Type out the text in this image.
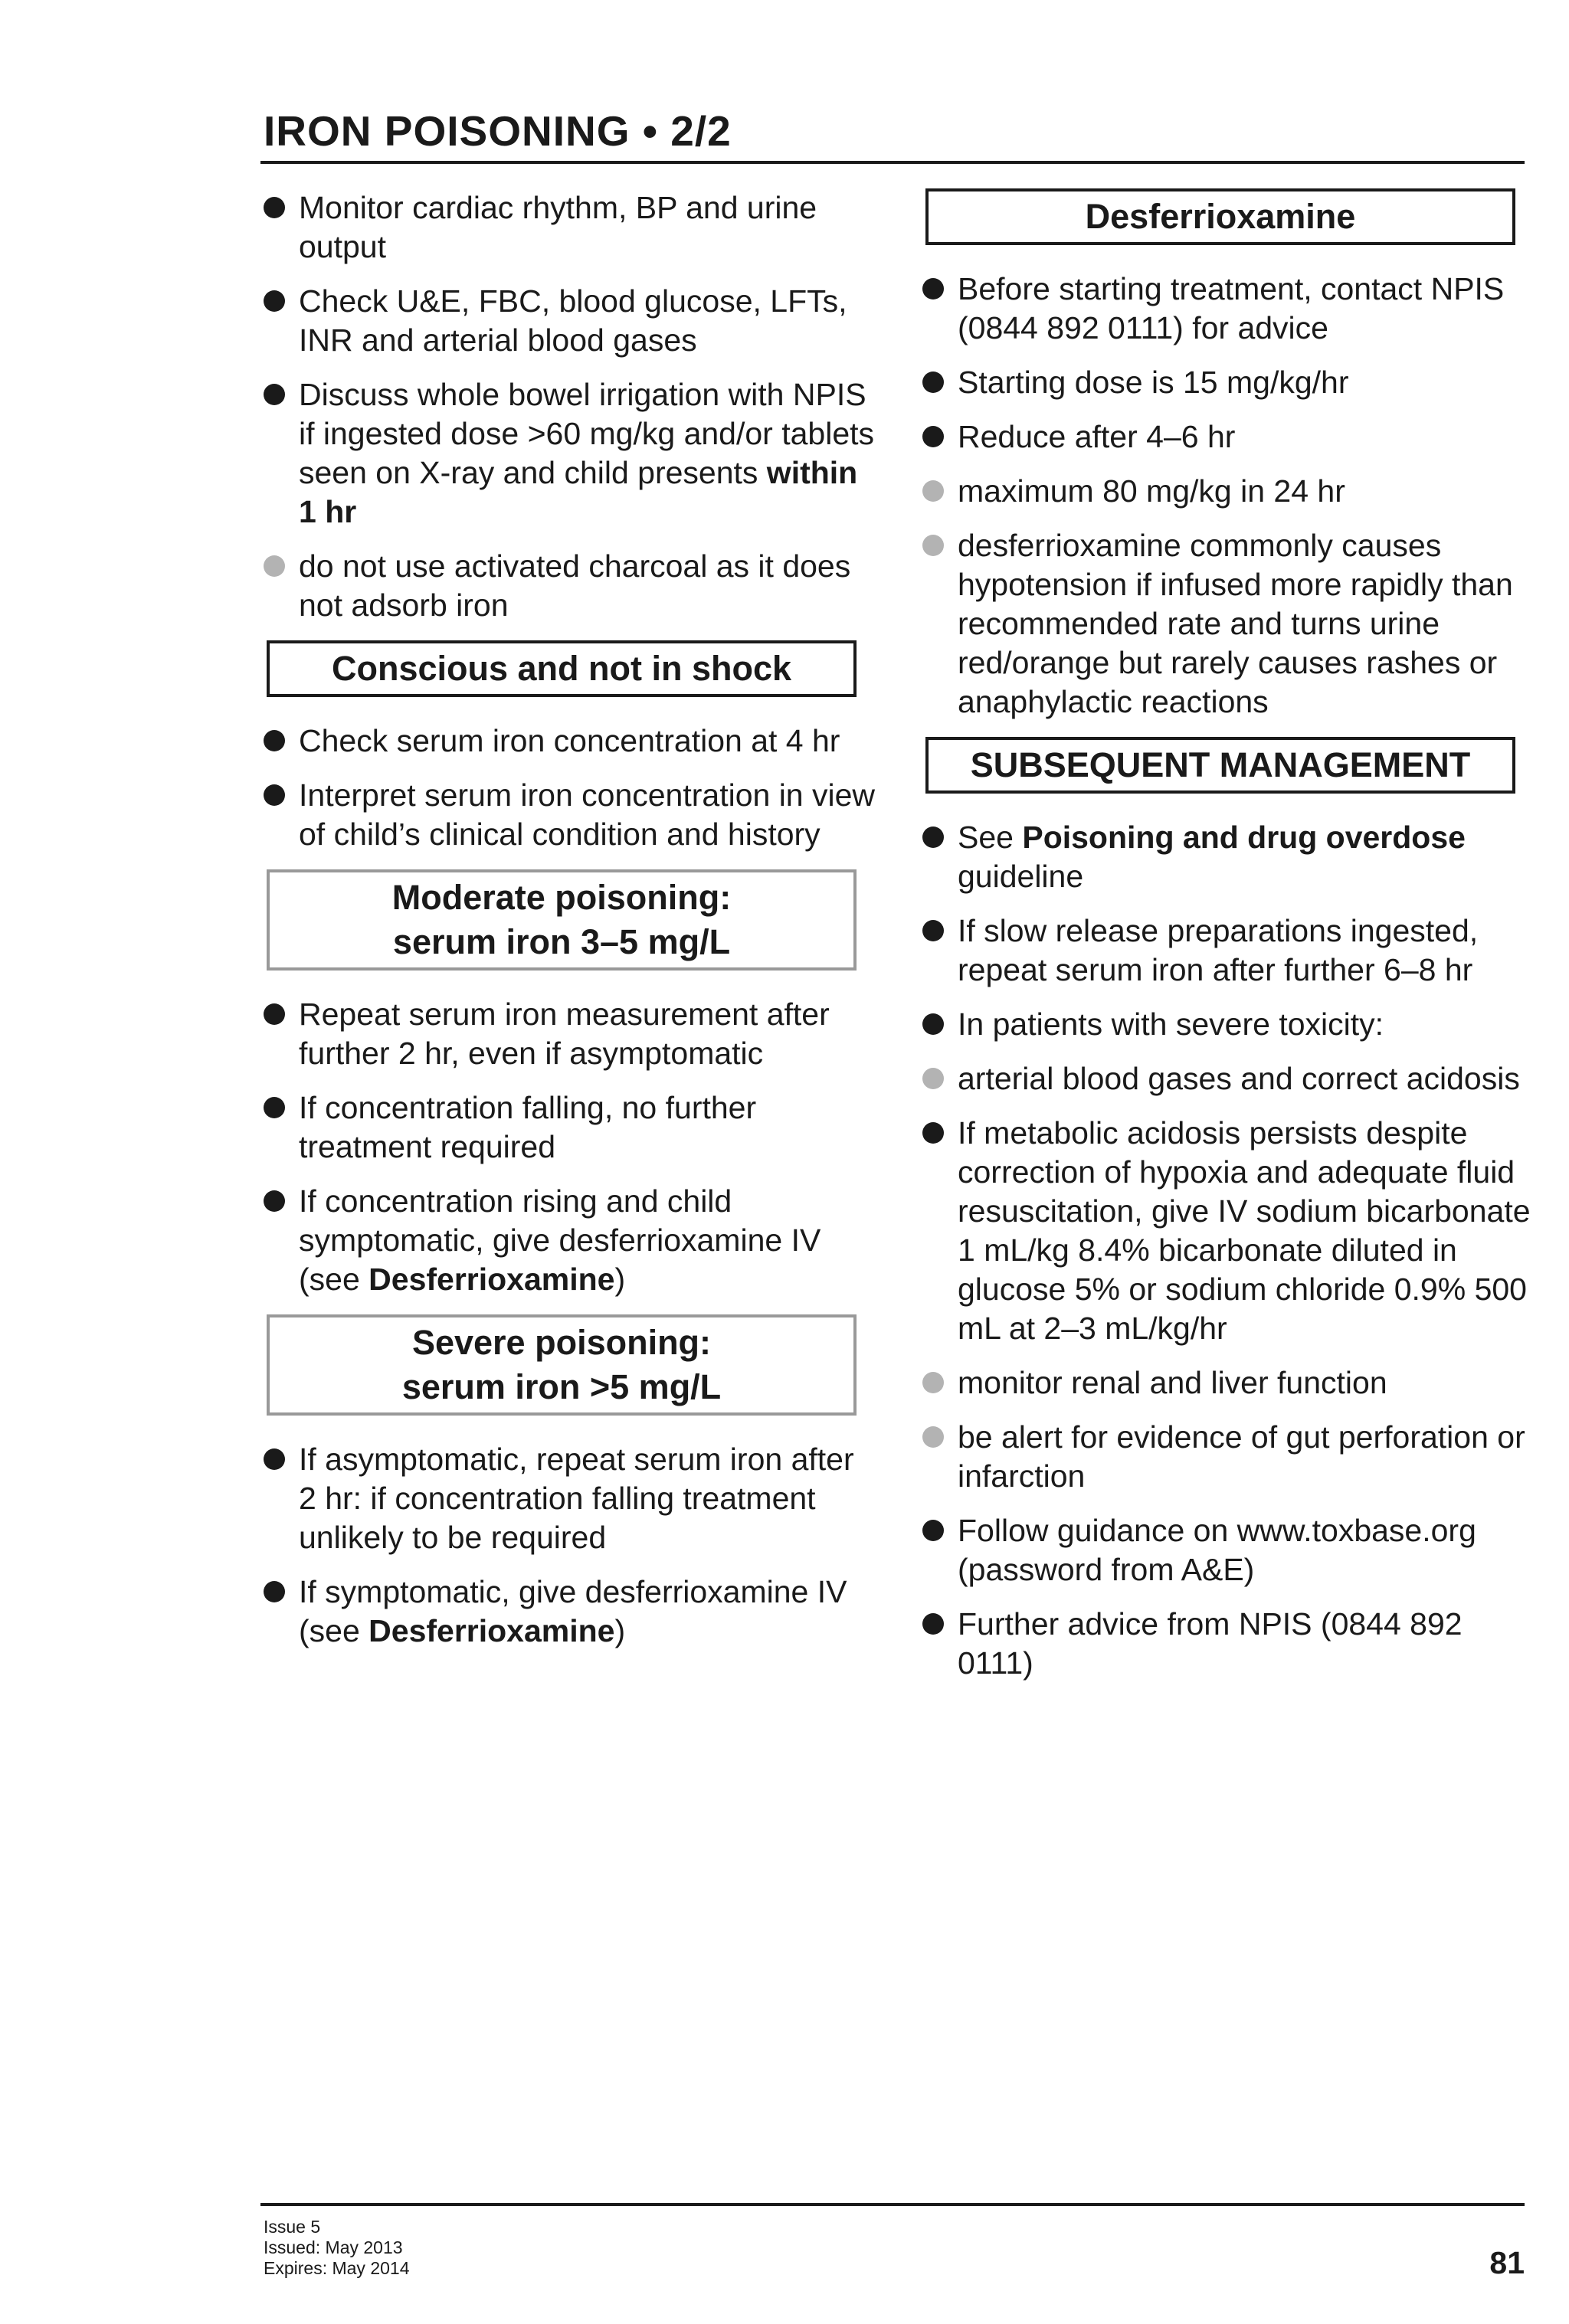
IRON POISONING • 2/2
Monitor cardiac rhythm, BP and urine output
Check U&E, FBC, blood glucose, LFTs, INR and arterial blood gases
Discuss whole bowel irrigation with NPIS if ingested dose >60 mg/kg and/or tablets seen on X-ray and child presents within 1 hr
do not use activated charcoal as it does not adsorb iron
Conscious and not in shock
Check serum iron concentration at 4 hr
Interpret serum iron concentration in view of child’s clinical condition and history
Moderate poisoning:
serum iron 3–5 mg/L
Repeat serum iron measurement after further 2 hr, even if asymptomatic
If concentration falling, no further treatment required
If concentration rising and child symptomatic, give desferrioxamine IV (see Desferrioxamine)
Severe poisoning:
serum iron >5 mg/L
If asymptomatic, repeat serum iron after 2 hr: if concentration falling treatment unlikely to be required
If symptomatic, give desferrioxamine IV (see Desferrioxamine)
Desferrioxamine
Before starting treatment, contact NPIS (0844 892 0111) for advice
Starting dose is 15 mg/kg/hr
Reduce after 4–6 hr
maximum 80 mg/kg in 24 hr
desferrioxamine commonly causes hypotension if infused more rapidly than recommended rate and turns urine red/orange but rarely causes rashes or anaphylactic reactions
SUBSEQUENT MANAGEMENT
See Poisoning and drug overdose guideline
If slow release preparations ingested, repeat serum iron after further 6–8 hr
In patients with severe toxicity:
arterial blood gases and correct acidosis
If metabolic acidosis persists despite correction of hypoxia and adequate fluid resuscitation, give IV sodium bicarbonate 1 mL/kg 8.4% bicarbonate diluted in glucose 5% or sodium chloride 0.9% 500 mL at 2–3 mL/kg/hr
monitor renal and liver function
be alert for evidence of gut perforation or infarction
Follow guidance on www.toxbase.org (password from A&E)
Further advice from NPIS (0844 892 0111)
Issue 5
Issued: May 2013
Expires: May 2014	81
